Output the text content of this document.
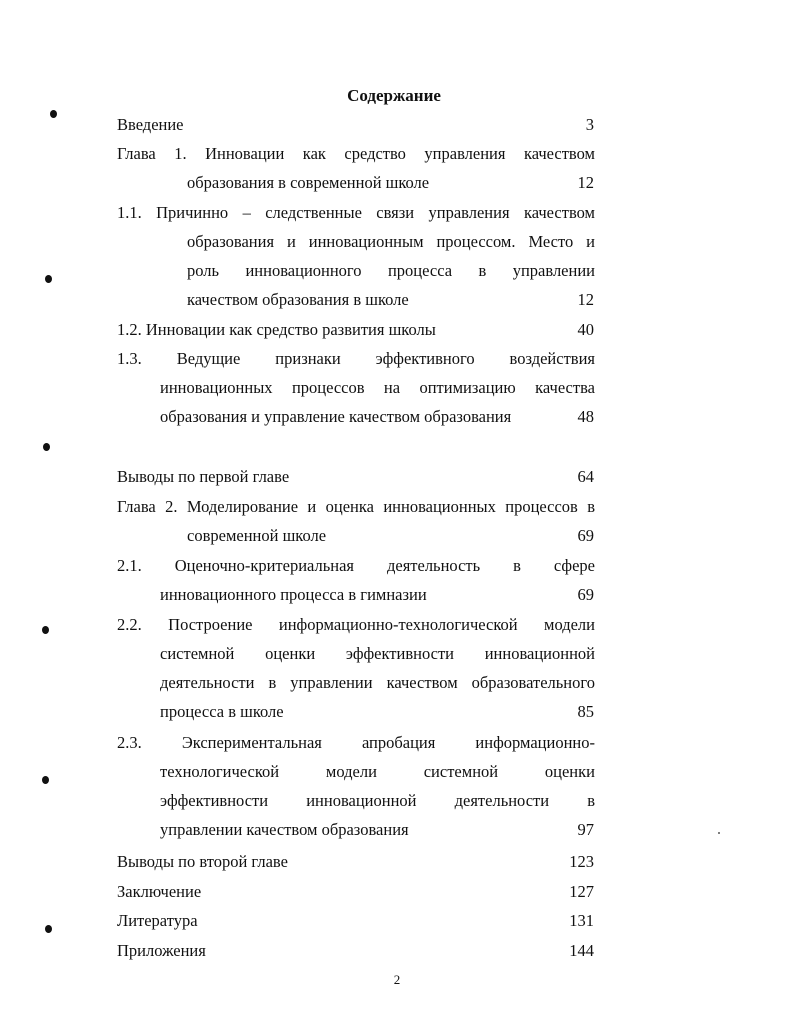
Содержание
Введение	3
Глава 1. Инновации как средство управления качеством
образования в современной школе	12
1.1. Причинно – следственные связи управления качеством
образования и инновационным процессом. Место и
роль инновационного процесса в управлении
качеством образования в школе	12
1.2. Инновации как средство развития школы	40
1.3. Ведущие признаки эффективного воздействия
инновационных процессов на оптимизацию качества
образования и управление качеством образования	48
Выводы по первой главе	64
Глава 2. Моделирование и оценка инновационных процессов в
современной школе	69
2.1. Оценочно-критериальная деятельность в сфере
инновационного процесса в гимназии	69
2.2. Построение информационно-технологической модели
системной оценки эффективности инновационной
деятельности в управлении качеством образовательного
процесса в школе	85
2.3. Экспериментальная апробация информационно-
технологической модели системной оценки
эффективности инновационной деятельности в
управлении качеством образования	97
Выводы по второй главе	123
Заключение	127
Литература	131
Приложения	144
2
